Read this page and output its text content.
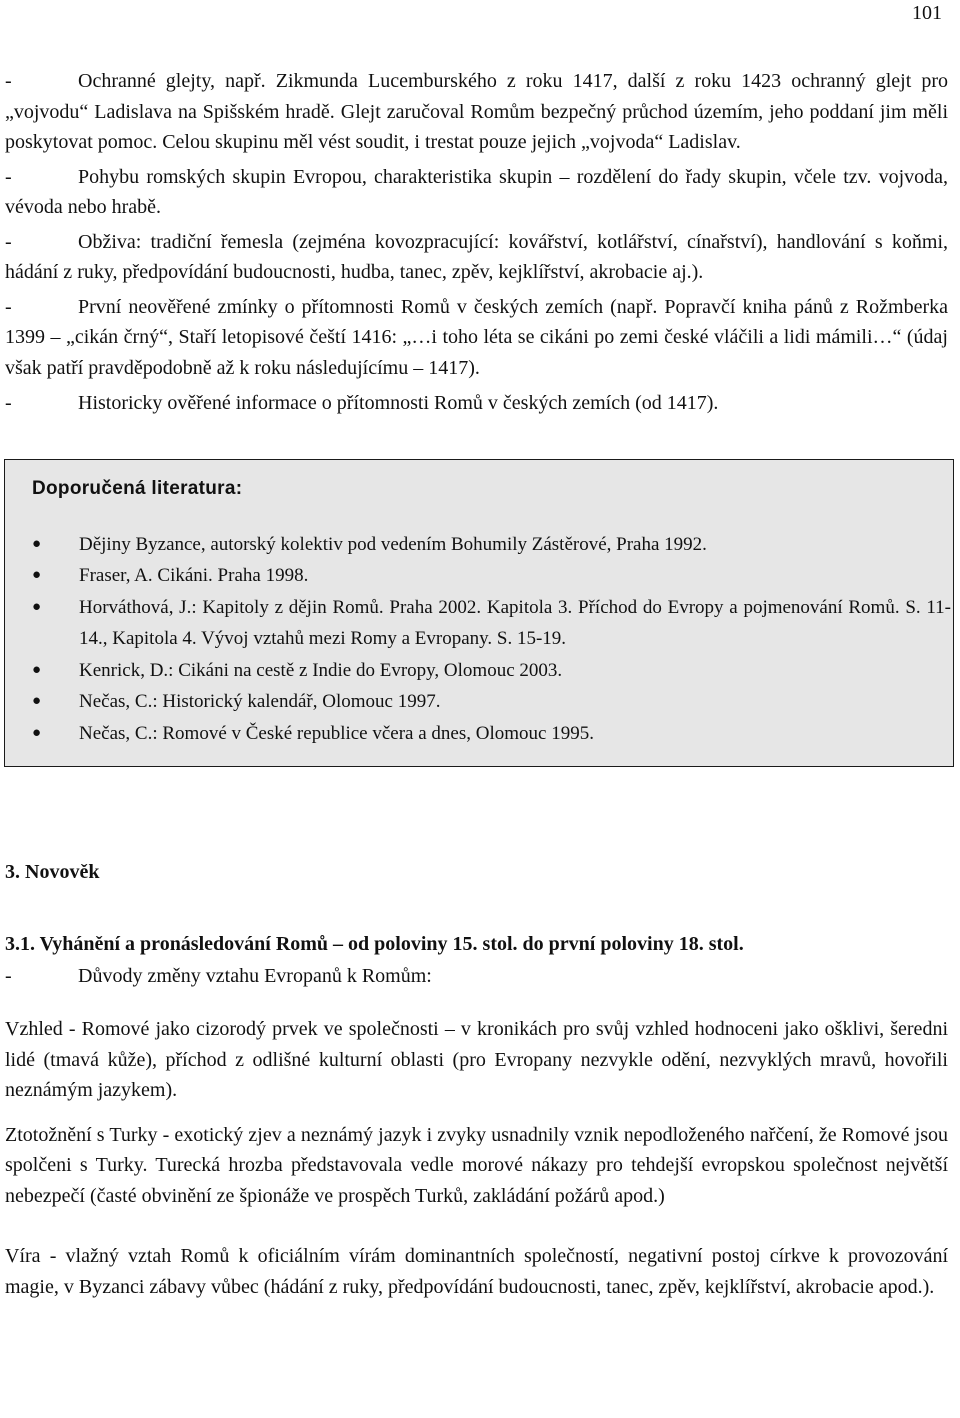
101

-	Ochranné glejty, např. Zikmunda Lucemburského z roku 1417, další z roku 1423 ochranný glejt pro „vojvodu“ Ladislava na Spišském hradě. Glejt zaručoval Romům bezpečný průchod územím, jeho poddaní jim měli poskytovat pomoc. Celou skupinu měl vést soudit, i trestat pouze jejich „vojvoda“ Ladislav.

-	Pohybu romských skupin Evropou, charakteristika skupin – rozdělení do řady skupin, včele tzv. vojvoda, vévoda nebo hrabě.

-	Obživa: tradiční řemesla (zejména kovozpracující: kovářství, kotlářství, cínařství), handlování s koňmi, hádání z ruky, předpovídání budoucnosti, hudba, tanec, zpěv, kejklířství, akrobacie aj.).

-	První neověřené zmínky o přítomnosti Romů v českých zemích (např. Popravčí kniha pánů z Rožmberka 1399 – „cikán črný“, Staří letopisové čeští 1416: „…i toho léta se cikáni po zemi české vláčili a lidi mámili…“ (údaj však patří pravděpodobně až k roku následujícímu – 1417).

-	Historicky ověřené informace o přítomnosti Romů v českých zemích (od 1417).

Doporučená literatura:
● Dějiny Byzance, autorský kolektiv pod vedením Bohumily Zástěrové, Praha 1992.
● Fraser, A. Cikáni. Praha 1998.
● Horváthová, J.: Kapitoly z dějin Romů. Praha 2002. Kapitola 3. Příchod do Evropy a pojmenování Romů. S. 11-14., Kapitola 4. Vývoj vztahů mezi Romy a Evropany. S. 15-19.
● Kenrick, D.: Cikáni na cestě z Indie do Evropy, Olomouc 2003.
● Nečas, C.: Historický kalendář, Olomouc 1997.
● Nečas, C.: Romové v České republice včera a dnes, Olomouc 1995.
3. Novověk
3.1. Vyhánění a pronásledování Romů – od poloviny 15. stol. do první poloviny 18. stol.

-	Důvody změny vztahu Evropanů k Romům:

Vzhled - Romové jako cizorodý prvek ve společnosti – v kronikách pro svůj vzhled hodnoceni jako ošklivi, šeredni lidé (tmavá kůže), příchod z odlišné kulturní oblasti (pro Evropany nezvykle odění, nezvyklých mravů, hovořili neznámým jazykem).

Ztotožnění s Turky - exotický zjev a neznámý jazyk i zvyky usnadnily vznik nepodloženého nařčení, že Romové jsou spolčeni s Turky. Turecká hrozba představovala vedle morové nákazy pro tehdejší evropskou společnost největší nebezpečí (časté obvinění ze špionáže ve prospěch Turků, zakládání požárů apod.)

Víra - vlažný vztah Romů k oficiálním vírám dominantních společností, negativní postoj církve k provozování magie, v Byzanci zábavy vůbec (hádání z ruky, předpovídání budoucnosti, tanec, zpěv, kejklířství, akrobacie apod.).
